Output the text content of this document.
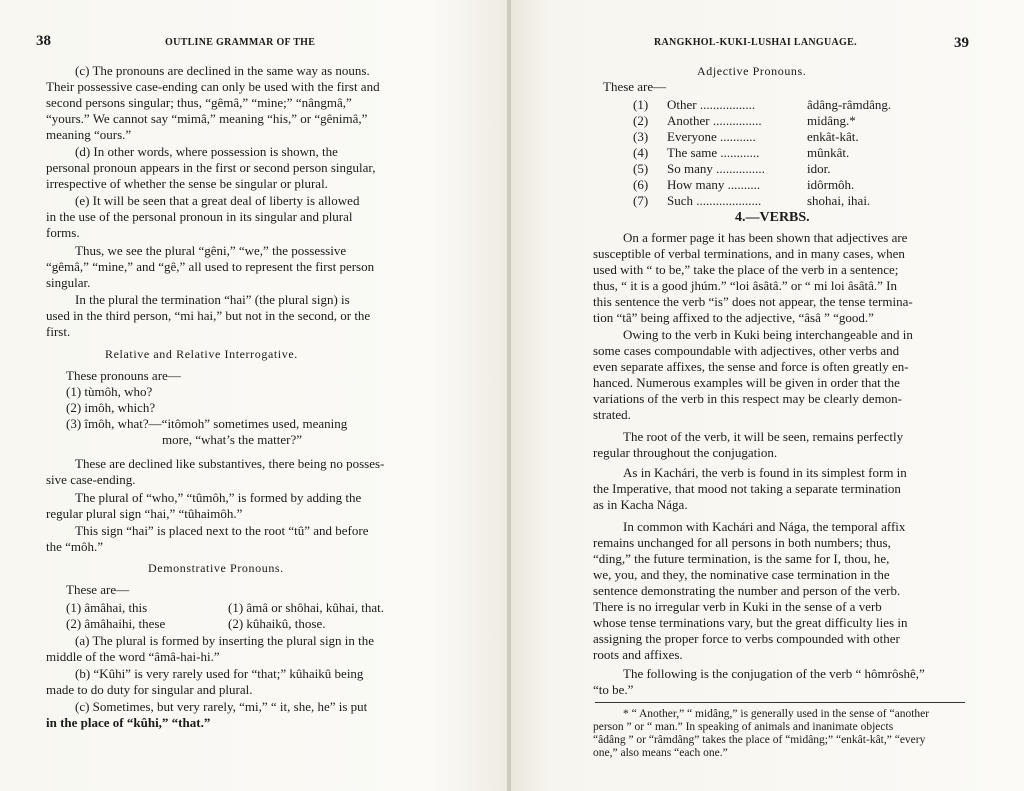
38	OUTLINE GRAMMAR OF THE
(c) The pronouns are declined in the same way as nouns.
Their possessive case-ending can only be used with the first and
second persons singular; thus, “gêmâ,” “mine;” “nângmâ,”
“yours.” We cannot say “mimâ,” meaning “his,” or “gênimâ,”
meaning “ours.”
(d) In other words, where possession is shown, the
personal pronoun appears in the first or second person singular,
irrespective of whether the sense be singular or plural.
(e) It will be seen that a great deal of liberty is allowed
in the use of the personal pronoun in its singular and plural
forms.
Thus, we see the plural “gêni,” “we,” the possessive
“gêmâ,” “mine,” and “gê,” all used to represent the first person
singular.
In the plural the termination “hai” (the plural sign) is
used in the third person, “mi hai,” but not in the second, or the
first.
Relative and Relative Interrogative.
These pronouns are—
(1) tùmôh, who?
(2) imôh, which?
(3) îmôh, what?—“itômoh” sometimes used, meaning
more, “what’s the matter?”
These are declined like substantives, there being no posses-
sive case-ending.
The plural of “who,” “tûmôh,” is formed by adding the
regular plural sign “hai,” “tûhaimôh.”
This sign “hai” is placed next to the root “tû” and before
the “môh.”
Demonstrative Pronouns.
These are—
(1) âmâhai, this	(1) âmâ or shôhai, kûhai, that.
(2) âmâhaihi, these	(2) kûhaikû, those.
(a) The plural is formed by inserting the plural sign in the
middle of the word “âmâ-hai-hi.”
(b) “Kûhi” is very rarely used for “that;” kûhaikû being
made to do duty for singular and plural.
(c) Sometimes, but very rarely, “mi,” “ it, she, he” is put
in the place of “kûhi,” “that.”
RANGKHOL-KUKI-LUSHAI LANGUAGE.	39
Adjective Pronouns.
These are—
(1) Other .................	âdâng-râmdâng.
(2) Another ...............	midâng.*
(3) Everyone ...........	enkât-kât.
(4) The same ............	mûnkât.
(5) So many ...............	idor.
(6) How many ..........	idôrmôh.
(7) Such ....................	shohai, ihai.
4.—VERBS.
On a former page it has been shown that adjectives are
susceptible of verbal terminations, and in many cases, when
used with “ to be,” take the place of the verb in a sentence;
thus, “ it is a good jhúm.” “loi âsâtâ.” or “ mi loi âsâtâ.” In
this sentence the verb “is” does not appear, the tense termina-
tion “tâ” being affixed to the adjective, “âsâ ” “good.”
Owing to the verb in Kuki being interchangeable and in
some cases compoundable with adjectives, other verbs and
even separate affixes, the sense and force is often greatly en-
hanced. Numerous examples will be given in order that the
variations of the verb in this respect may be clearly demon-
strated.
The root of the verb, it will be seen, remains perfectly
regular throughout the conjugation.
As in Kachári, the verb is found in its simplest form in
the Imperative, that mood not taking a separate termination
as in Kacha Nága.
In common with Kachári and Nága, the temporal affix
remains unchanged for all persons in both numbers; thus,
“ding,” the future termination, is the same for I, thou, he,
we, you, and they, the nominative case termination in the
sentence demonstrating the number and person of the verb.
There is no irregular verb in Kuki in the sense of a verb
whose tense terminations vary, but the great difficulty lies in
assigning the proper force to verbs compounded with other
roots and affixes.
The following is the conjugation of the verb “ hômrôshê,”
“to be.”
* “ Another,” “ midâng,” is generally used in the sense of “another
person ” or “ man.” In speaking of animals and inanimate objects
“âdâng ” or “râmdâng” takes the place of “midâng;” “enkât-kât,” “every
one,” also means “each one.”
